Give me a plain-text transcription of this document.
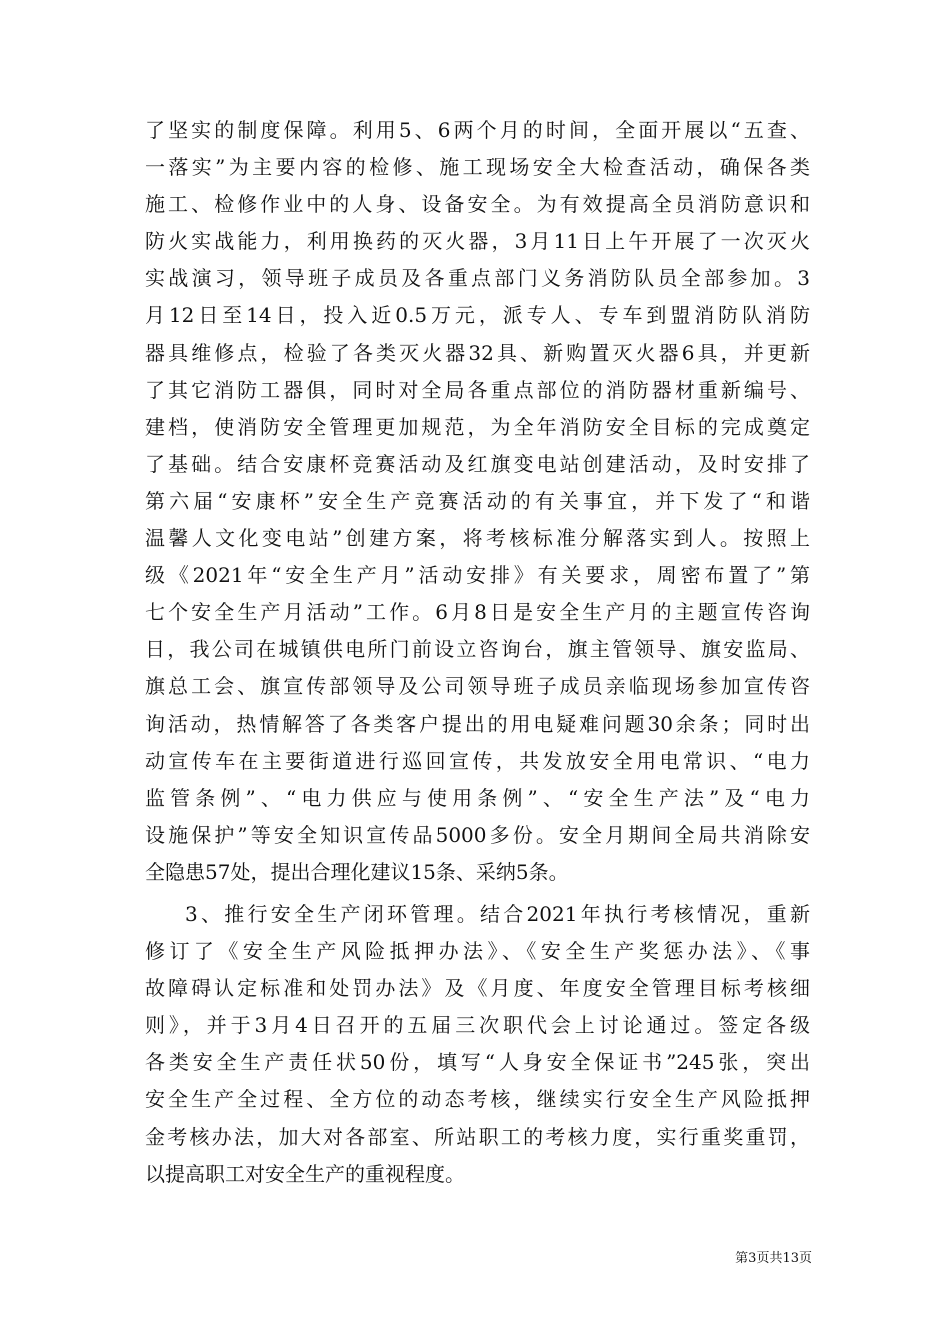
了坚实的制度保障。利用5、6两个月的时间，全面开展以“五查、
一落实”为主要内容的检修、施工现场安全大检查活动，确保各类
施工、检修作业中的人身、设备安全。为有效提高全员消防意识和
防火实战能力，利用换药的灭火器，3月11日上午开展了一次灭火
实战演习，领导班子成员及各重点部门义务消防队员全部参加。3
月12日至14日，投入近0.5万元，派专人、专车到盟消防队消防
器具维修点，检验了各类灭火器32具、新购置灭火器6具，并更新
了其它消防工器俱，同时对全局各重点部位的消防器材重新编号、
建档，使消防安全管理更加规范，为全年消防安全目标的完成奠定
了基础。结合安康杯竞赛活动及红旗变电站创建活动，及时安排了
第六届“安康杯”安全生产竞赛活动的有关事宜，并下发了“和谐
温馨人文化变电站”创建方案，将考核标准分解落实到人。按照上
级《2021年“安全生产月”活动安排》有关要求，周密布置了”第
七个安全生产月活动”工作。6月8日是安全生产月的主题宣传咨询
日，我公司在城镇供电所门前设立咨询台，旗主管领导、旗安监局、
旗总工会、旗宣传部领导及公司领导班子成员亲临现场参加宣传咨
询活动，热情解答了各类客户提出的用电疑难问题30余条；同时出
动宣传车在主要街道进行巡回宣传，共发放安全用电常识、“电力
监管条例”、“电力供应与使用条例”、“安全生产法”及“电力
设施保护”等安全知识宣传品5000多份。安全月期间全局共消除安
全隐患57处，提出合理化建议15条、采纳5条。
3、推行安全生产闭环管理。结合2021年执行考核情况，重新
修订了《安全生产风险抵押办法》、《安全生产奖惩办法》、《事
故障碍认定标准和处罚办法》及《月度、年度安全管理目标考核细
则》，并于3月4日召开的五届三次职代会上讨论通过。签定各级
各类安全生产责任状50份，填写“人身安全保证书”245张，突出
安全生产全过程、全方位的动态考核，继续实行安全生产风险抵押
金考核办法，加大对各部室、所站职工的考核力度，实行重奖重罚，
以提高职工对安全生产的重视程度。
第3页共13页
